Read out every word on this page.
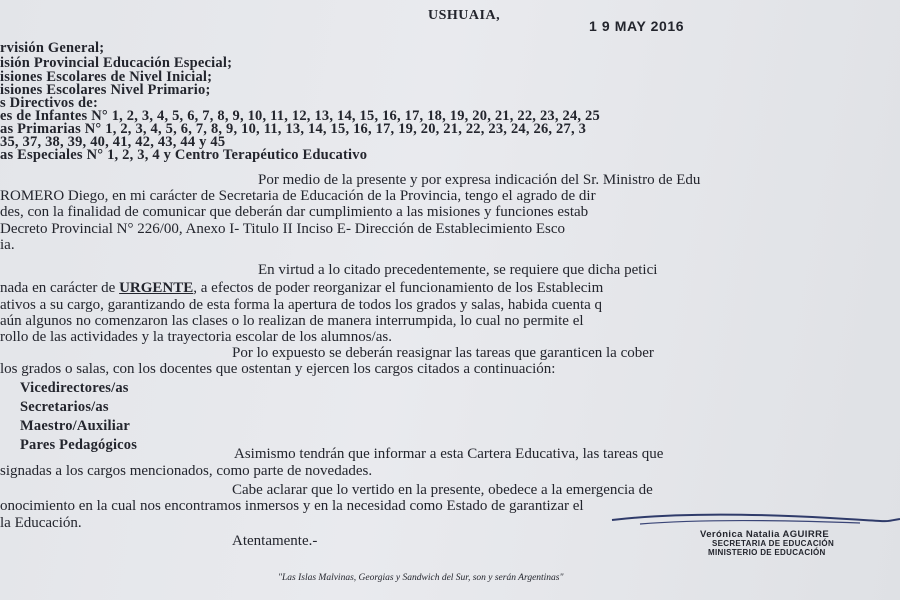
USHUAIA,
1 9 MAY 2016
rvisión General;
isión Provincial Educación Especial;
isiones Escolares de Nivel Inicial;
isiones Escolares Nivel Primario;
s Directivos de:
es de Infantes N° 1, 2, 3, 4, 5, 6, 7, 8, 9, 10, 11, 12, 13, 14, 15, 16, 17, 18, 19, 20, 21, 22, 23, 24, 25
as Primarias N° 1, 2, 3, 4, 5, 6, 7, 8, 9, 10, 11, 13, 14, 15, 16, 17, 19, 20, 21, 22, 23, 24, 26, 27, 3
35, 37, 38, 39, 40, 41, 42, 43, 44 y 45
as Especiales N° 1, 2, 3, 4 y Centro Terapéutico Educativo
Por medio de la presente y por expresa indicación del Sr. Ministro de Edu
ROMERO Diego, en mi carácter de Secretaria de Educación de la Provincia, tengo el agrado de dir
des, con la finalidad de comunicar que deberán dar cumplimiento a las misiones y funciones estab
Decreto Provincial N° 226/00, Anexo I- Titulo II Inciso E- Dirección de Establecimiento Esco
ia.
En virtud a lo citado precedentemente, se requiere que dicha petici
nada en carácter de URGENTE, a efectos de poder reorganizar el funcionamiento de los Establecim
ativos a su cargo, garantizando de esta forma la apertura de todos los grados y salas, habida cuenta q
aún algunos no comenzaron las clases o lo realizan de manera interrumpida, lo cual no permite el
rollo de las actividades y la trayectoria escolar de los alumnos/as.
Por lo expuesto se deberán reasignar las tareas que garanticen la cober
los grados o salas, con los docentes que ostentan y ejercen los cargos citados a continuación:
Vicedirectores/as
Secretarios/as
Maestro/Auxiliar
Pares Pedagógicos
Asimismo tendrán que informar a esta Cartera Educativa, las tareas que
signadas a los cargos mencionados, como parte de novedades.
Cabe aclarar que lo vertido en la presente, obedece a la emergencia de
onocimiento en la cual nos encontramos inmersos y en la necesidad como Estado de garantizar el
la Educación.
Atentamente.-	Verónica Natalia AGUIRRE
SECRETARIA DE EDUCACIÓN
MINISTERIO DE EDUCACIÓN
"Las Islas Malvinas, Georgias y Sandwich del Sur, son y serán Argentinas"
